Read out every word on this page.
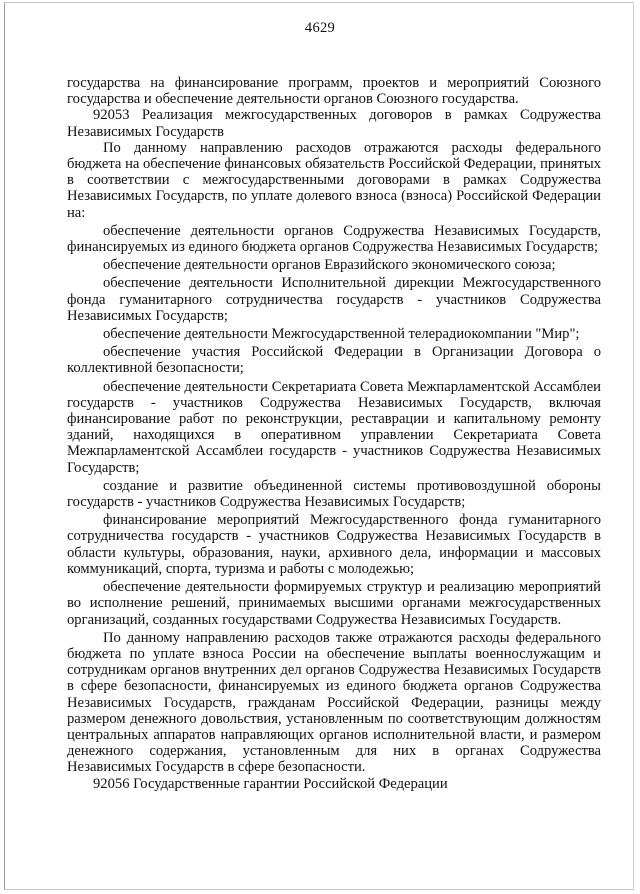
4629

государства на финансирование программ, проектов и мероприятий Союзного государства и обеспечение деятельности органов Союзного государства.

92053 Реализация межгосударственных договоров в рамках Содружества Независимых Государств

По данному направлению расходов отражаются расходы федерального бюджета на обеспечение финансовых обязательств Российской Федерации, принятых в соответствии с межгосударственными договорами в рамках Содружества Независимых Государств, по уплате долевого взноса (взноса) Российской Федерации на:

обеспечение деятельности органов Содружества Независимых Государств, финансируемых из единого бюджета органов Содружества Независимых Государств;

обеспечение деятельности органов Евразийского экономического союза;

обеспечение деятельности Исполнительной дирекции Межгосударственного фонда гуманитарного сотрудничества государств - участников Содружества Независимых Государств;

обеспечение деятельности Межгосударственной телерадиокомпании "Мир";

обеспечение участия Российской Федерации в Организации Договора о коллективной безопасности;

обеспечение деятельности Секретариата Совета Межпарламентской Ассамблеи государств - участников Содружества Независимых Государств, включая финансирование работ по реконструкции, реставрации и капитальному ремонту зданий, находящихся в оперативном управлении Секретариата Совета Межпарламентской Ассамблеи государств - участников Содружества Независимых Государств;

создание и развитие объединенной системы противовоздушной обороны государств - участников Содружества Независимых Государств;

финансирование мероприятий Межгосударственного фонда гуманитарного сотрудничества государств - участников Содружества Независимых Государств в области культуры, образования, науки, архивного дела, информации и массовых коммуникаций, спорта, туризма и работы с молодежью;

обеспечение деятельности формируемых структур и реализацию мероприятий во исполнение решений, принимаемых высшими органами межгосударственных организаций, созданных государствами Содружества Независимых Государств.

По данному направлению расходов также отражаются расходы федерального бюджета по уплате взноса России на обеспечение выплаты военнослужащим и сотрудникам органов внутренних дел органов Содружества Независимых Государств в сфере безопасности, финансируемых из единого бюджета органов Содружества Независимых Государств, гражданам Российской Федерации, разницы между размером денежного довольствия, установленным по соответствующим должностям центральных аппаратов направляющих органов исполнительной власти, и размером денежного содержания, установленным для них в органах Содружества Независимых Государств в сфере безопасности.

92056 Государственные гарантии Российской Федерации
